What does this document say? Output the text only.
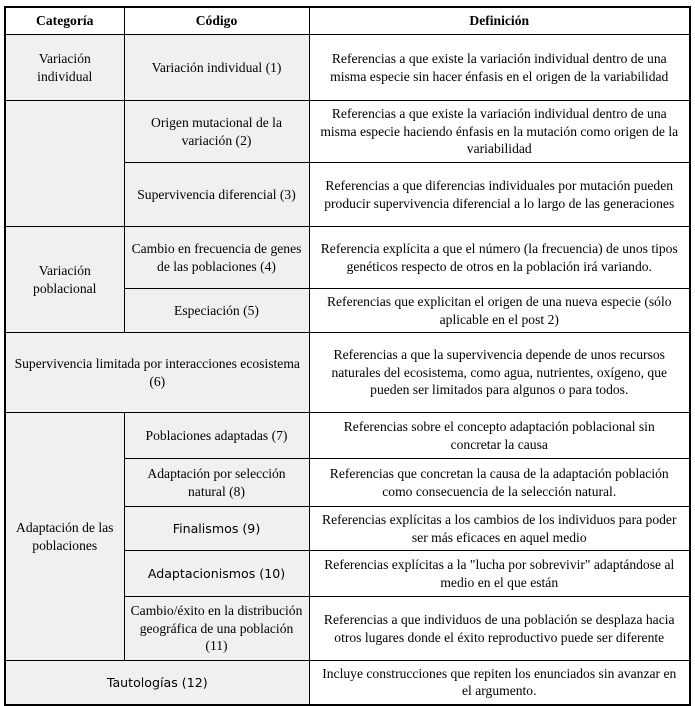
Categoría	Código	Definición
Variación individual	Variación individual (1)	Referencias a que existe la variación individual dentro de una misma especie sin hacer énfasis en el origen de la variabilidad
	Origen mutacional de la variación (2)	Referencias a que existe la variación individual dentro de una misma especie haciendo énfasis en la mutación como origen de la variabilidad
	Supervivencia diferencial (3)	Referencias a que diferencias individuales por mutación pueden producir supervivencia diferencial a lo largo de las generaciones
Variación poblacional	Cambio en frecuencia de genes de las poblaciones (4)	Referencia explícita a que el número (la frecuencia) de unos tipos genéticos respecto de otros en la población irá variando.
	Especiación (5)	Referencias que explicitan el origen de una nueva especie (sólo aplicable en el post 2)
Supervivencia limitada por interacciones ecosistema (6)		Referencias a que la supervivencia depende de unos recursos naturales del ecosistema, como agua, nutrientes, oxígeno, que pueden ser limitados para algunos o para todos.
Adaptación de las poblaciones	Poblaciones adaptadas (7)	Referencias sobre el concepto adaptación poblacional sin concretar la causa
	Adaptación por selección natural (8)	Referencias que concretan la causa de la adaptación población como consecuencia de la selección natural.
	Finalismos (9)	Referencias explícitas a los cambios de los individuos para poder ser más eficaces en aquel medio
	Adaptacionismos (10)	Referencias explícitas a la "lucha por sobrevivir" adaptándose al medio en el que están
	Cambio/éxito en la distribución geográfica de una población (11)	Referencias a que individuos de una población se desplaza hacia otros lugares donde el éxito reproductivo puede ser diferente
Tautologías (12)		Incluye construcciones que repiten los enunciados sin avanzar en el argumento.
